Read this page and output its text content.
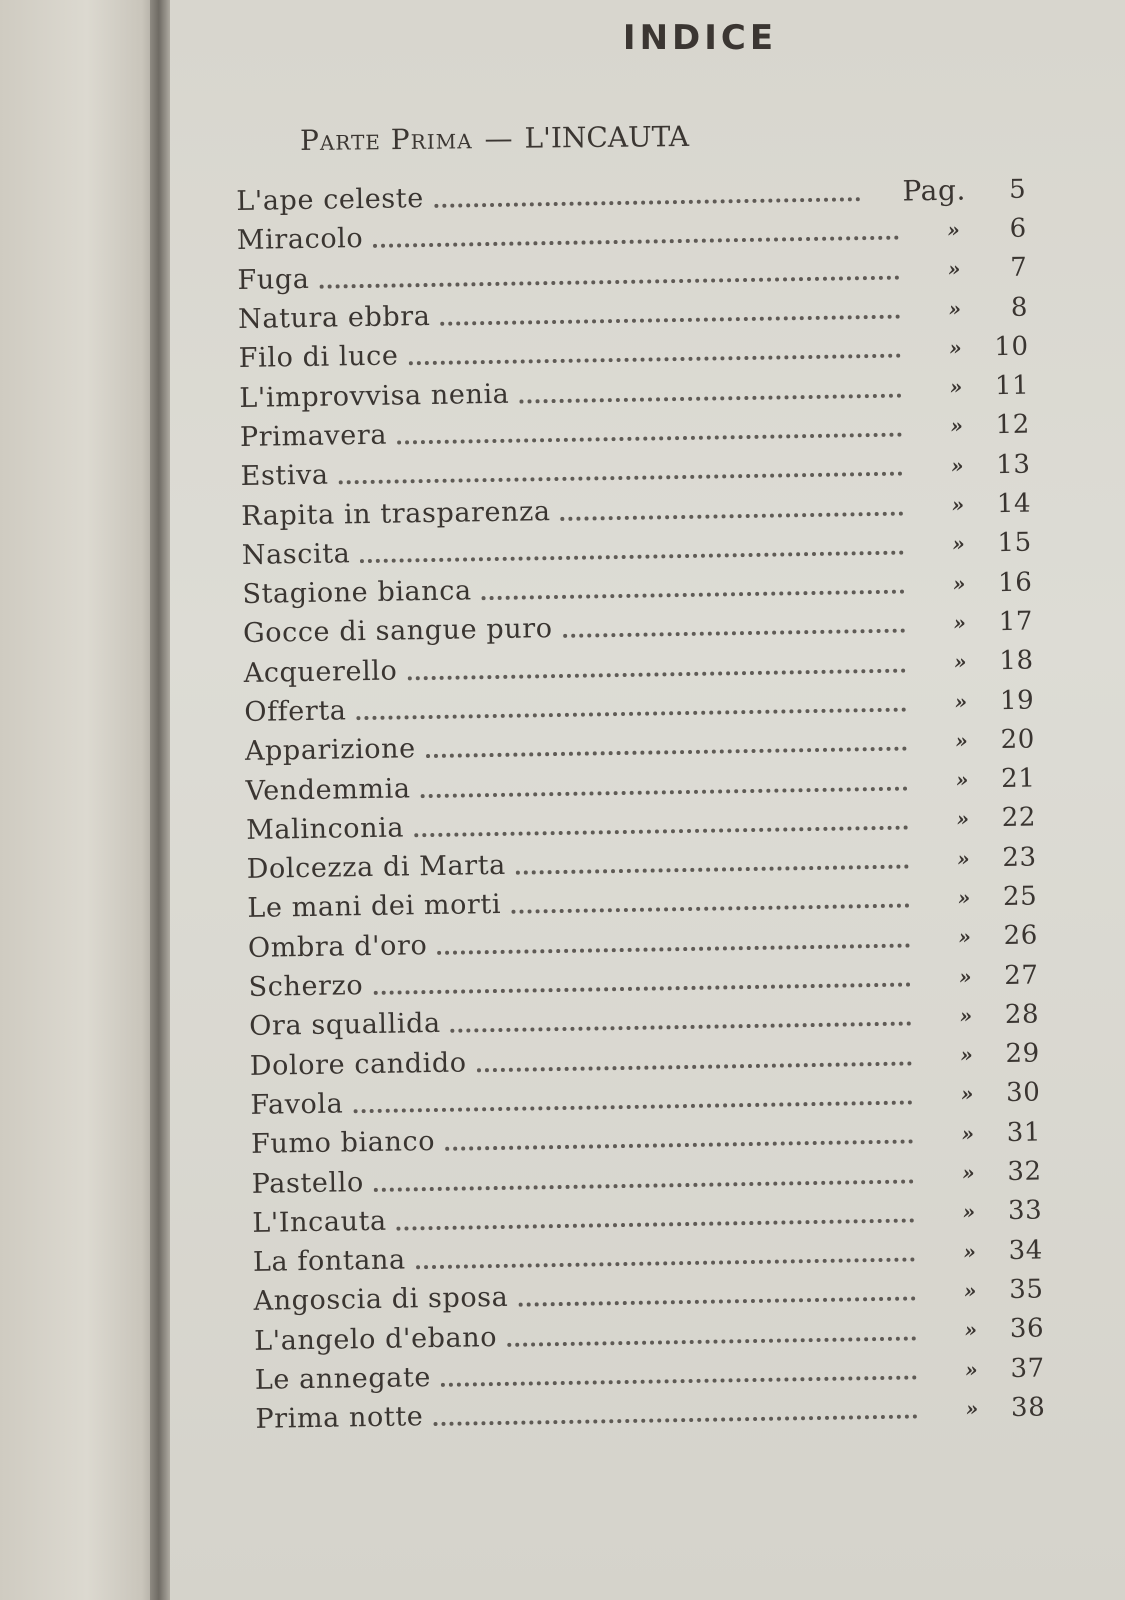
INDICE
Parte Prima — L'INCAUTA
L'ape celeste	Pag.	5
Miracolo	»	6
Fuga	»	7
Natura ebbra	»	8
Filo di luce	»	10
L'improvvisa nenia	»	11
Primavera	»	12
Estiva	»	13
Rapita in trasparenza	»	14
Nascita	»	15
Stagione bianca	»	16
Gocce di sangue puro	»	17
Acquerello	»	18
Offerta	»	19
Apparizione	»	20
Vendemmia	»	21
Malinconia	»	22
Dolcezza di Marta	»	23
Le mani dei morti	»	25
Ombra d'oro	»	26
Scherzo	»	27
Ora squallida	»	28
Dolore candido	»	29
Favola	»	30
Fumo bianco	»	31
Pastello	»	32
L'Incauta	»	33
La fontana	»	34
Angoscia di sposa	»	35
L'angelo d'ebano	»	36
Le annegate	»	37
Prima notte	»	38
